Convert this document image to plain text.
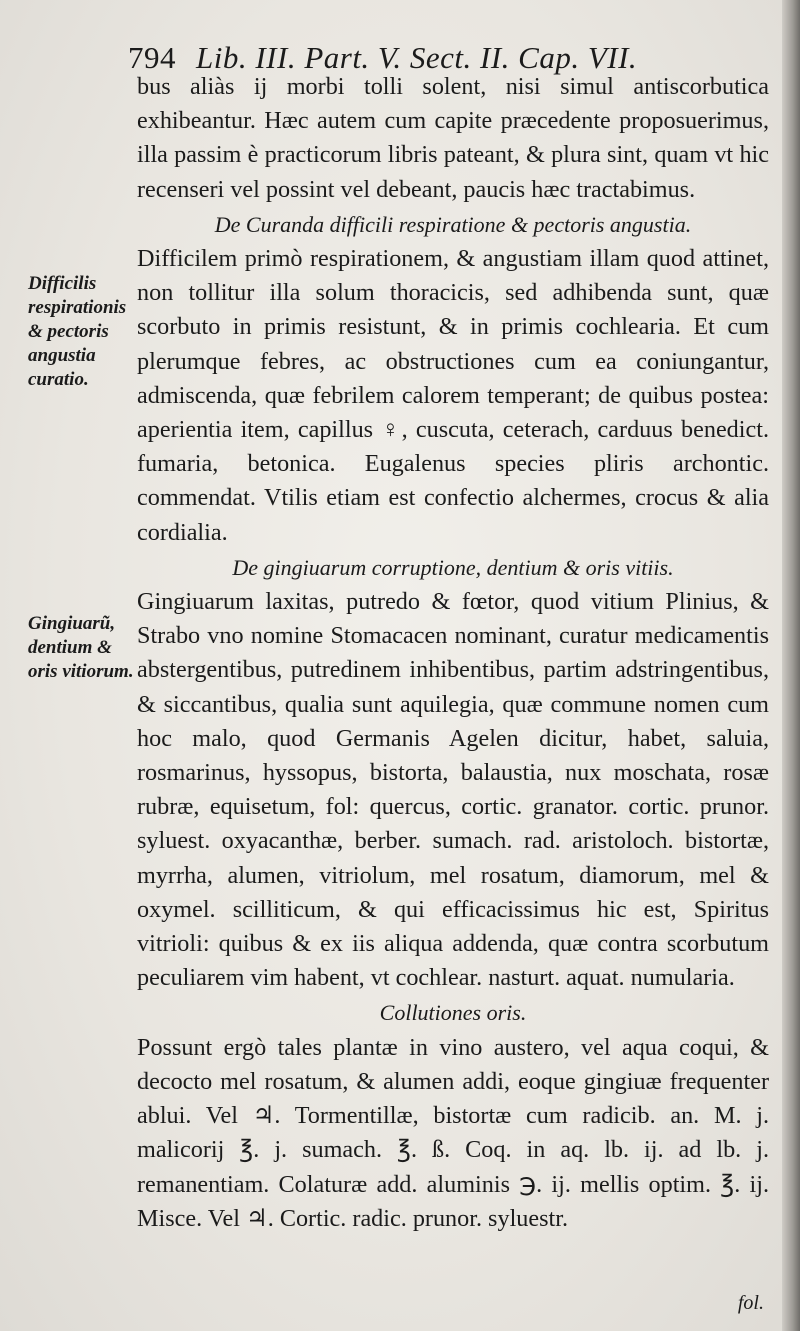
794 Lib. III. Part. V. Sect. II. Cap. VII.

bus aliàs ij morbi tolli solent, nisi simul antiscorbutica exhibeantur. Hæc autem cum capite præcedente proposuerimus, illa passim è practicorum libris pateant, & plura sint, quam vt hic recenseri vel possint vel debeant, paucis hæc tractabimus.

De Curanda difficili respiratione & pectoris angustia.

Difficilem primò respirationem, & angustiam illam quod attinet, non tollitur illa solum thoracicis, sed adhibenda sunt, quæ scorbuto in primis resistunt, & in primis cochlearia. Et cum plerumque febres, ac obstructiones cum ea coniungantur, admiscenda, quæ febrilem calorem temperant; de quibus postea: aperientia item, capillus ♀, cuscuta, ceterach, carduus benedict. fumaria, betonica. Eugalenus species pliris archontic. commendat. Vtilis etiam est confectio alchermes, crocus & alia cordialia.

De gingiuarum corruptione, dentium & oris vitiis.

Gingiuarum laxitas, putredo & fœtor, quod vitium Plinius, & Strabo vno nomine Stomacacen nominant, curatur medicamentis abstergentibus, putredinem inhibentibus, partim adstringentibus, & siccantibus, qualia sunt aquilegia, quæ commune nomen cum hoc malo, quod Germanis Agelen dicitur, habet, saluia, rosmarinus, hyssopus, bistorta, balaustia, nux moschata, rosæ rubræ, equisetum, fol: quercus, cortic. granator. cortic. prunor. syluest. oxyacanthæ, berber. sumach. rad. aristoloch. bistortæ, myrrha, alumen, vitriolum, mel rosatum, diamorum, mel & oxymel. scilliticum, & qui efficacissimus hic est, Spiritus vitrioli: quibus & ex iis aliqua addenda, quæ contra scorbutum peculiarem vim habent, vt cochlear. nasturt. aquat. numularia.

Collutiones oris.

Possunt ergò tales plantæ in vino austero, vel aqua coqui, & decocto mel rosatum, & alumen addi, eoque gingiuæ frequenter ablui. Vel ♃. Tormentillæ, bistortæ cum radicib. an. M. j. malicorij ℥. j. sumach. ℥. ß. Coq. in aq. lb. ij. ad lb. j. remanentiam. Colaturæ add. aluminis ℈. ij. mellis optim. ℥. ij. Misce. Vel ♃. Cortic. radic. prunor. syluestr.

Difficilis respirationis & pectoris angustia curatio.
Gingiuarũ, dentium & oris vitiorum.
fol.
